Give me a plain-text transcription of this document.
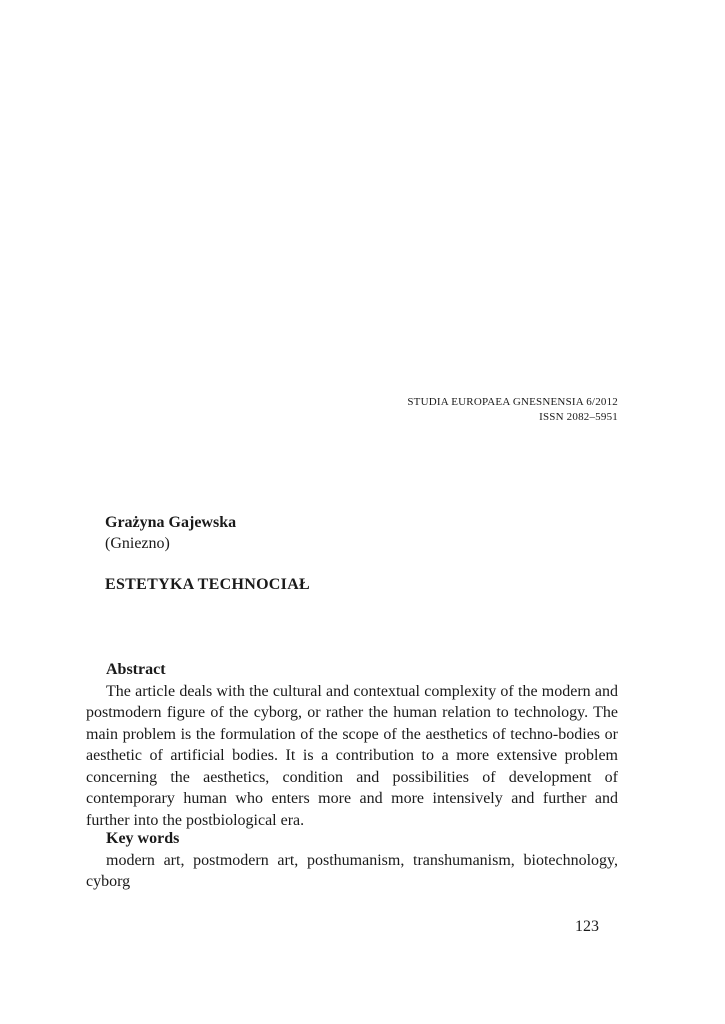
STUDIA EUROPAEA GNESNENSIA 6/2012
ISSN 2082–5951
Grażyna Gajewska
(Gniezno)
ESTETYKA TECHNOCIAŁ
Abstract

The article deals with the cultural and contextual complexity of the modern and postmodern figure of the cyborg, or rather the human relation to technology. The main problem is the formulation of the scope of the aesthetics of techno-bodies or aesthetic of artificial bodies. It is a contribution to a more extensive problem concerning the aesthetics, condition and possibilities of development of contemporary human who enters more and more intensively and further and further into the postbiological era.

Key words

modern art, postmodern art, posthumanism, transhumanism, biotechnology, cyborg

123
